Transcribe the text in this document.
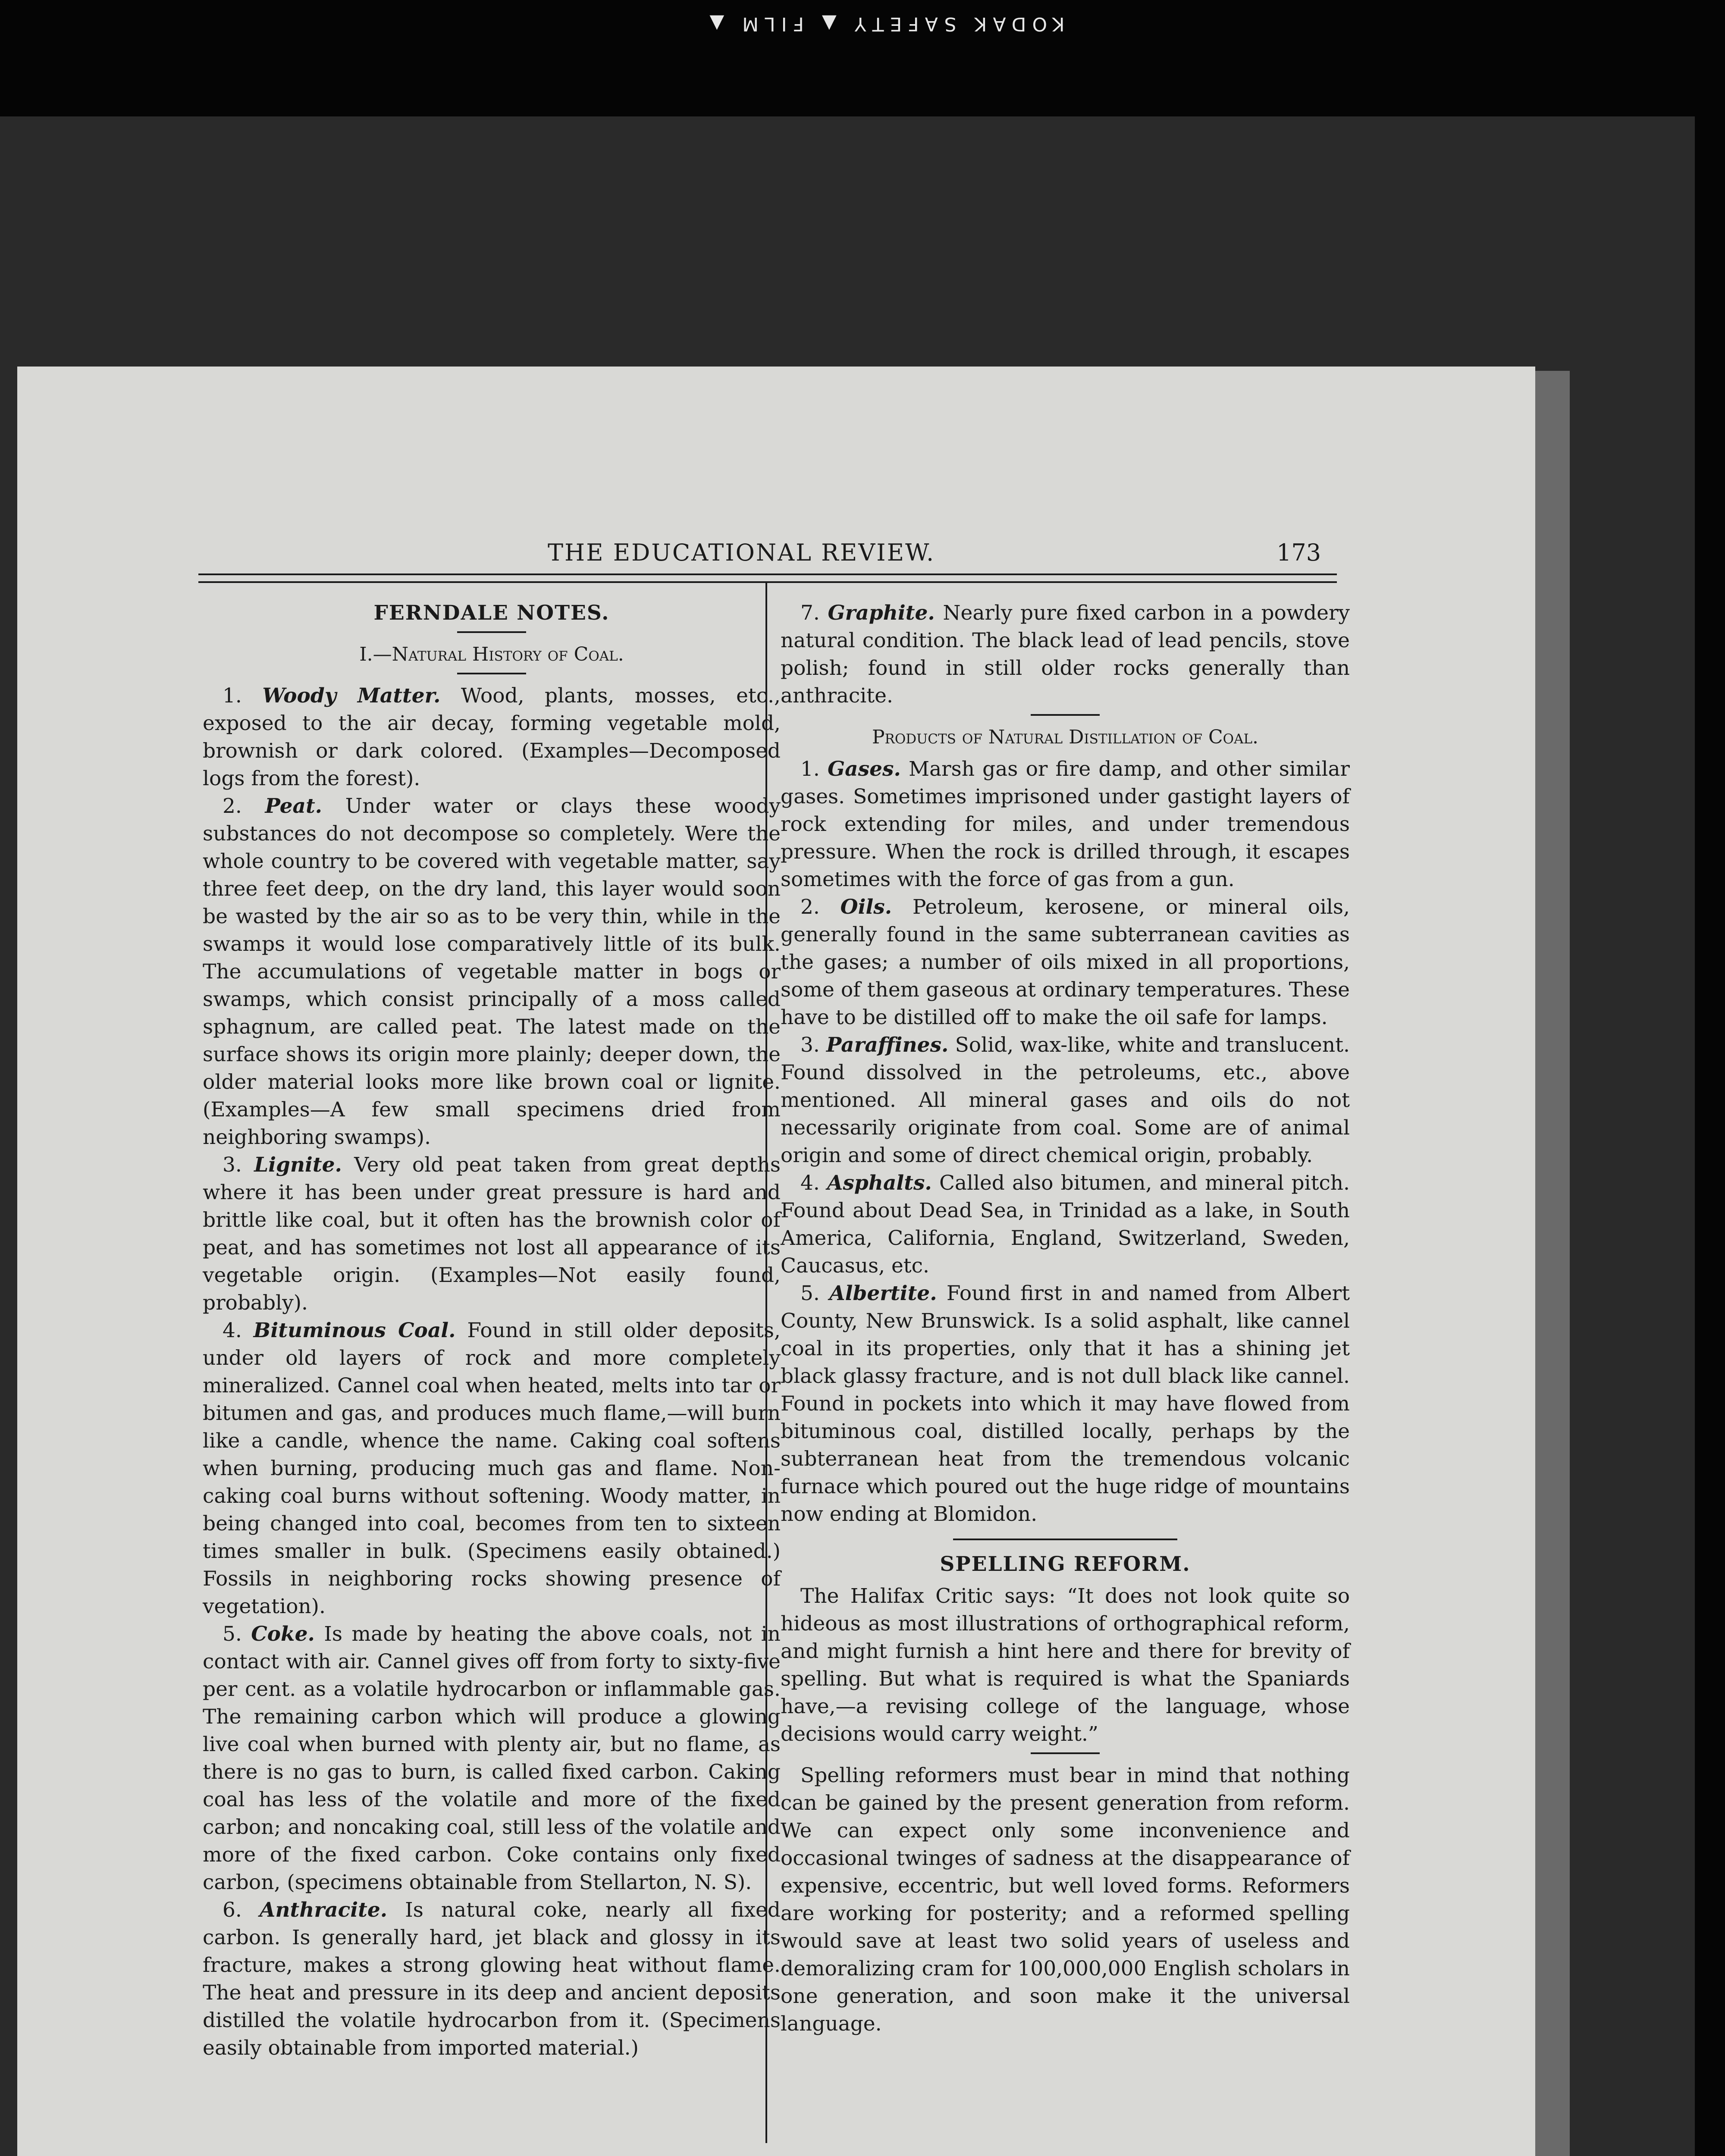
KODAK SAFETY ▲ FILM ▲
THE EDUCATIONAL REVIEW.	173
FERNDALE NOTES.
I.—Natural History of Coal.

1. Woody Matter. Wood, plants, mosses, etc., exposed to the air decay, forming vegetable mold, brownish or dark colored. (Examples—Decomposed logs from the forest).

2. Peat. Under water or clays these woody substances do not decompose so completely. Were the whole country to be covered with vegetable matter, say three feet deep, on the dry land, this layer would soon be wasted by the air so as to be very thin, while in the swamps it would lose comparatively little of its bulk. The accumulations of vegetable matter in bogs or swamps, which consist principally of a moss called sphagnum, are called peat. The latest made on the surface shows its origin more plainly; deeper down, the older material looks more like brown coal or lignite. (Examples—A few small specimens dried from neighboring swamps).

3. Lignite. Very old peat taken from great depths where it has been under great pressure is hard and brittle like coal, but it often has the brownish color of peat, and has sometimes not lost all appearance of its vegetable origin. (Examples—Not easily found, probably).

4. Bituminous Coal. Found in still older deposits, under old layers of rock and more completely mineralized. Cannel coal when heated, melts into tar or bitumen and gas, and produces much flame,—will burn like a candle, whence the name. Caking coal softens when burning, producing much gas and flame. Non-caking coal burns without softening. Woody matter, in being changed into coal, becomes from ten to sixteen times smaller in bulk. (Specimens easily obtained.) Fossils in neighboring rocks showing presence of vegetation).

5. Coke. Is made by heating the above coals, not in contact with air. Cannel gives off from forty to sixty-five per cent. as a volatile hydrocarbon or inflammable gas. The remaining carbon which will produce a glowing live coal when burned with plenty air, but no flame, as there is no gas to burn, is called fixed carbon. Caking coal has less of the volatile and more of the fixed carbon; and noncaking coal, still less of the volatile and more of the fixed carbon. Coke contains only fixed carbon, (specimens obtainable from Stellarton, N. S).

6. Anthracite. Is natural coke, nearly all fixed carbon. Is generally hard, jet black and glossy in its fracture, makes a strong glowing heat without flame. The heat and pressure in its deep and ancient deposits distilled the volatile hydrocarbon from it. (Specimens easily obtainable from imported material.)

7. Graphite. Nearly pure fixed carbon in a powdery natural condition. The black lead of lead pencils, stove polish; found in still older rocks generally than anthracite.

Products of Natural Distillation of Coal.

1. Gases. Marsh gas or fire damp, and other similar gases. Sometimes imprisoned under gastight layers of rock extending for miles, and under tremendous pressure. When the rock is drilled through, it escapes sometimes with the force of gas from a gun.

2. Oils. Petroleum, kerosene, or mineral oils, generally found in the same subterranean cavities as the gases; a number of oils mixed in all proportions, some of them gaseous at ordinary temperatures. These have to be distilled off to make the oil safe for lamps.

3. Paraffines. Solid, wax-like, white and translucent. Found dissolved in the petroleums, etc., above mentioned. All mineral gases and oils do not necessarily originate from coal. Some are of animal origin and some of direct chemical origin, probably.

4. Asphalts. Called also bitumen, and mineral pitch. Found about Dead Sea, in Trinidad as a lake, in South America, California, England, Switzerland, Sweden, Caucasus, etc.

5. Albertite. Found first in and named from Albert County, New Brunswick. Is a solid asphalt, like cannel coal in its properties, only that it has a shining jet black glassy fracture, and is not dull black like cannel. Found in pockets into which it may have flowed from bituminous coal, distilled locally, perhaps by the subterranean heat from the tremendous volcanic furnace which poured out the huge ridge of mountains now ending at Blomidon.

SPELLING REFORM.

The Halifax Critic says: “It does not look quite so hideous as most illustrations of orthographical reform, and might furnish a hint here and there for brevity of spelling. But what is required is what the Spaniards have,—a revising college of the language, whose decisions would carry weight.”

Spelling reformers must bear in mind that nothing can be gained by the present generation from reform. We can expect only some inconvenience and occasional twinges of sadness at the disappearance of expensive, eccentric, but well loved forms. Reformers are working for posterity; and a reformed spelling would save at least two solid years of useless and demoralizing cram for 100,000,000 English scholars in one generation, and soon make it the universal language.
